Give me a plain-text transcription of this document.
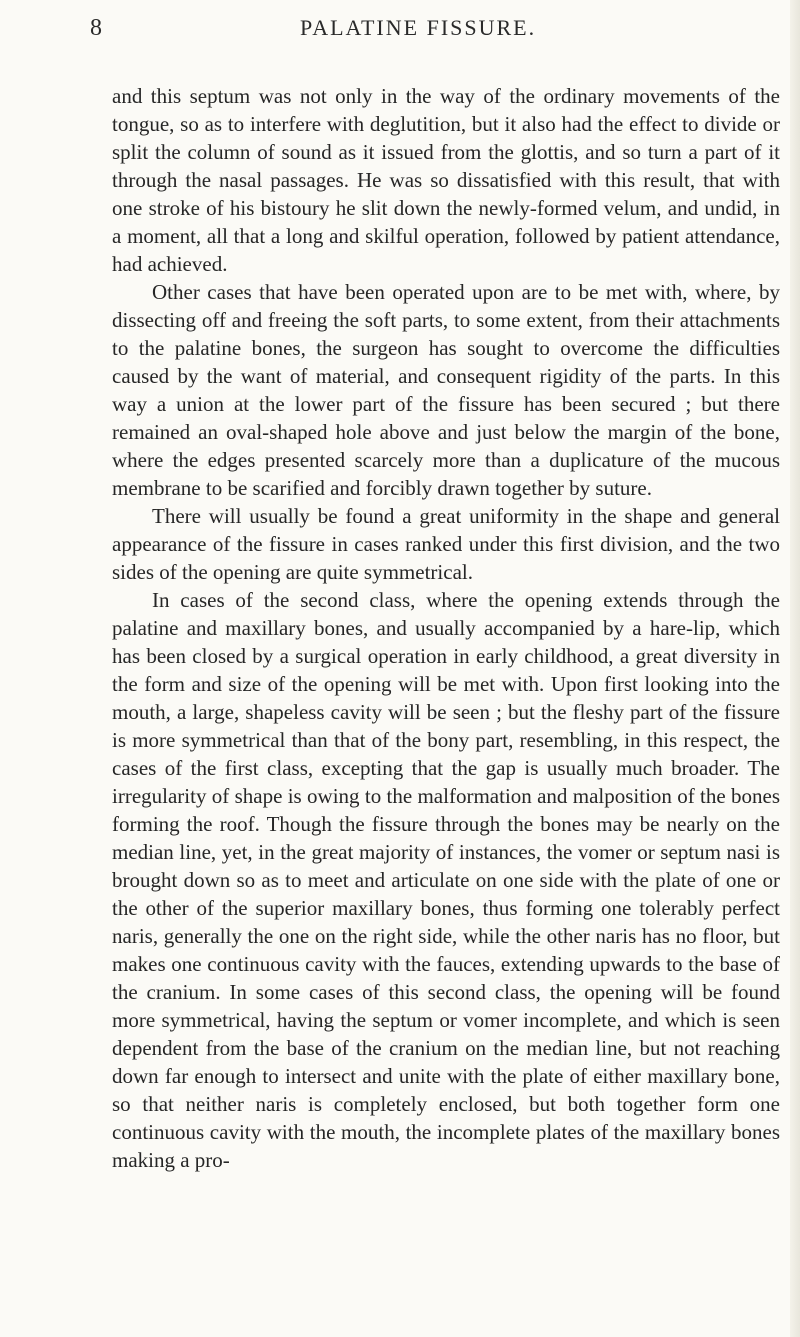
8	PALATINE FISSURE.

and this septum was not only in the way of the ordinary movements of the tongue, so as to interfere with deglutition, but it also had the effect to divide or split the column of sound as it issued from the glottis, and so turn a part of it through the nasal passages. He was so dissatisfied with this result, that with one stroke of his bistoury he slit down the newly-formed velum, and undid, in a moment, all that a long and skilful operation, followed by patient attendance, had achieved.

Other cases that have been operated upon are to be met with, where, by dissecting off and freeing the soft parts, to some extent, from their attachments to the palatine bones, the surgeon has sought to overcome the difficulties caused by the want of material, and consequent rigidity of the parts. In this way a union at the lower part of the fissure has been secured ; but there remained an oval-shaped hole above and just below the margin of the bone, where the edges presented scarcely more than a duplicature of the mucous membrane to be scarified and forcibly drawn together by suture.

There will usually be found a great uniformity in the shape and general appearance of the fissure in cases ranked under this first division, and the two sides of the opening are quite symmetrical.

In cases of the second class, where the opening extends through the palatine and maxillary bones, and usually accompanied by a hare-lip, which has been closed by a surgical operation in early childhood, a great diversity in the form and size of the opening will be met with. Upon first looking into the mouth, a large, shapeless cavity will be seen ; but the fleshy part of the fissure is more symmetrical than that of the bony part, resembling, in this respect, the cases of the first class, excepting that the gap is usually much broader. The irregularity of shape is owing to the malformation and malposition of the bones forming the roof. Though the fissure through the bones may be nearly on the median line, yet, in the great majority of instances, the vomer or septum nasi is brought down so as to meet and articulate on one side with the plate of one or the other of the superior maxillary bones, thus forming one tolerably perfect naris, generally the one on the right side, while the other naris has no floor, but makes one continuous cavity with the fauces, extending upwards to the base of the cranium. In some cases of this second class, the opening will be found more symmetrical, having the septum or vomer incomplete, and which is seen dependent from the base of the cranium on the median line, but not reaching down far enough to intersect and unite with the plate of either maxillary bone, so that neither naris is completely enclosed, but both together form one continuous cavity with the mouth, the incomplete plates of the maxillary bones making a pro-
